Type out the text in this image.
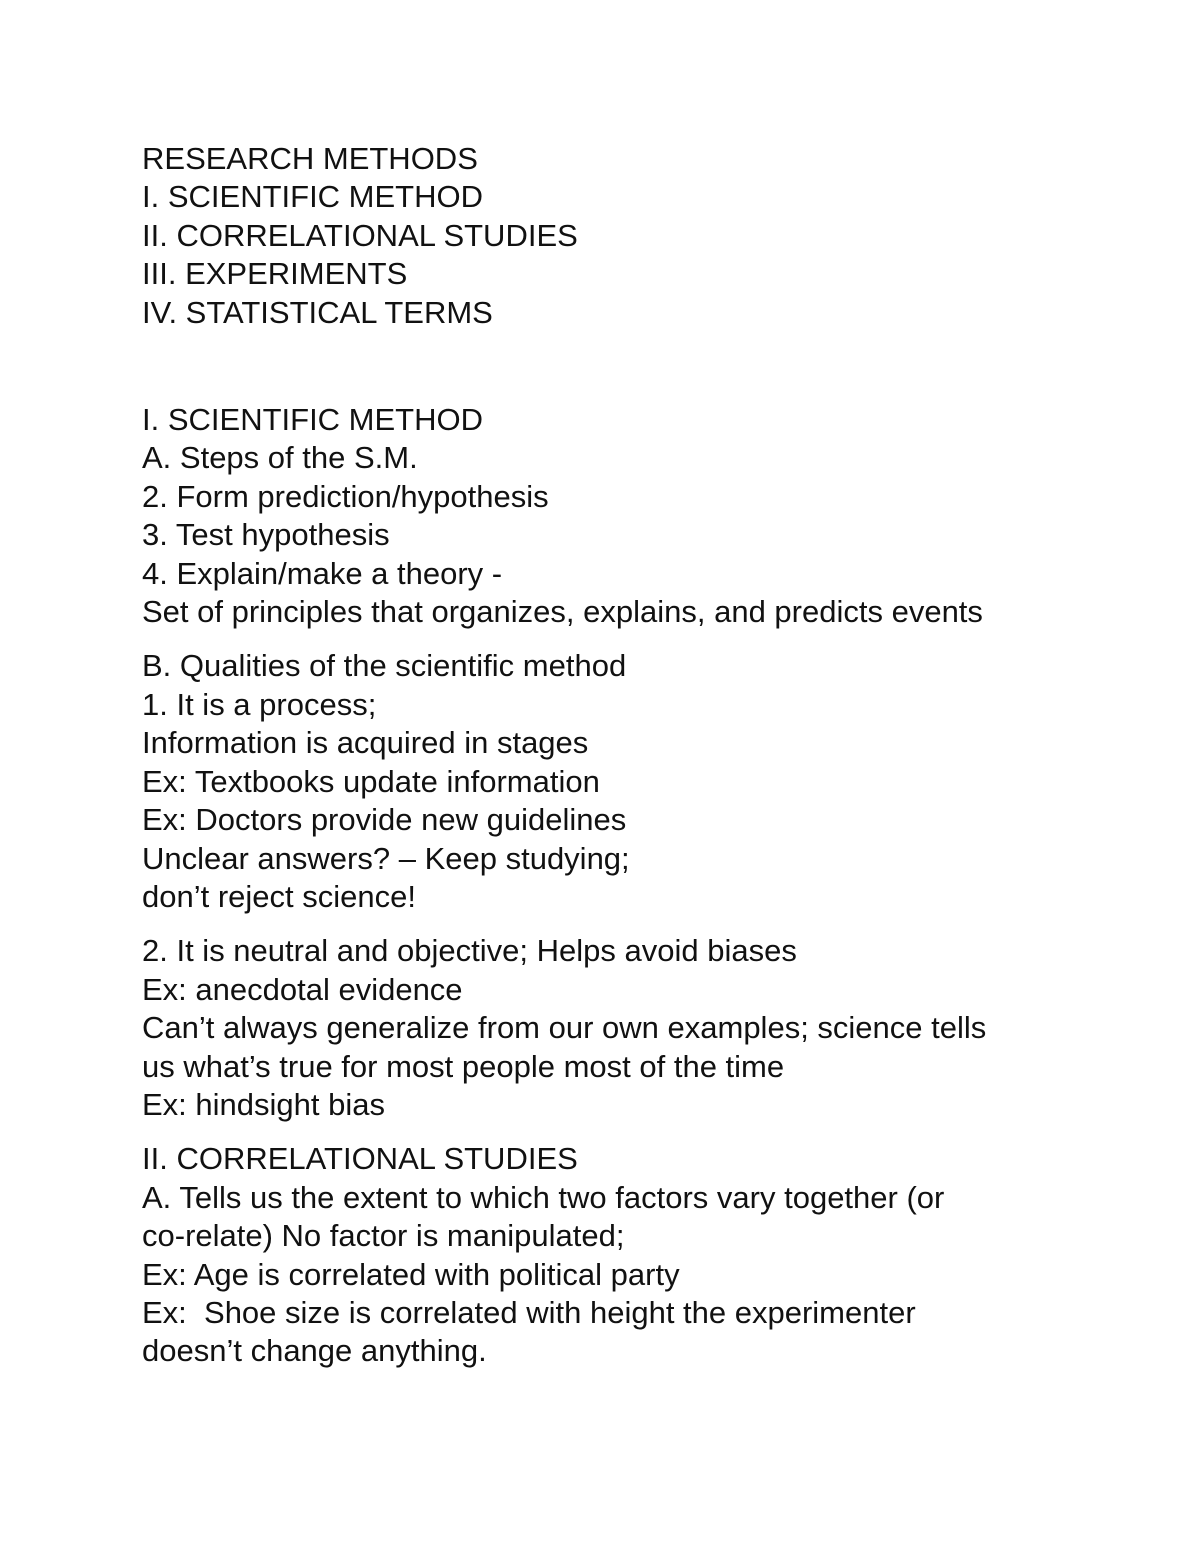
RESEARCH METHODS
I. SCIENTIFIC METHOD
II. CORRELATIONAL STUDIES
III. EXPERIMENTS
IV. STATISTICAL TERMS
I. SCIENTIFIC METHOD
A. Steps of the S.M.
2. Form prediction/hypothesis
3. Test hypothesis
4. Explain/make a theory -
Set of principles that organizes, explains, and predicts events
B. Qualities of the scientific method
1. It is a process;
Information is acquired in stages
Ex: Textbooks update information
Ex: Doctors provide new guidelines
Unclear answers? – Keep studying;
don’t reject science!
2. It is neutral and objective; Helps avoid biases
Ex: anecdotal evidence
Can’t always generalize from our own examples; science tells
us what’s true for most people most of the time
Ex: hindsight bias
II. CORRELATIONAL STUDIES
A. Tells us the extent to which two factors vary together (or
co-relate) No factor is manipulated;
Ex: Age is correlated with political party
Ex:  Shoe size is correlated with height the experimenter
doesn’t change anything.
